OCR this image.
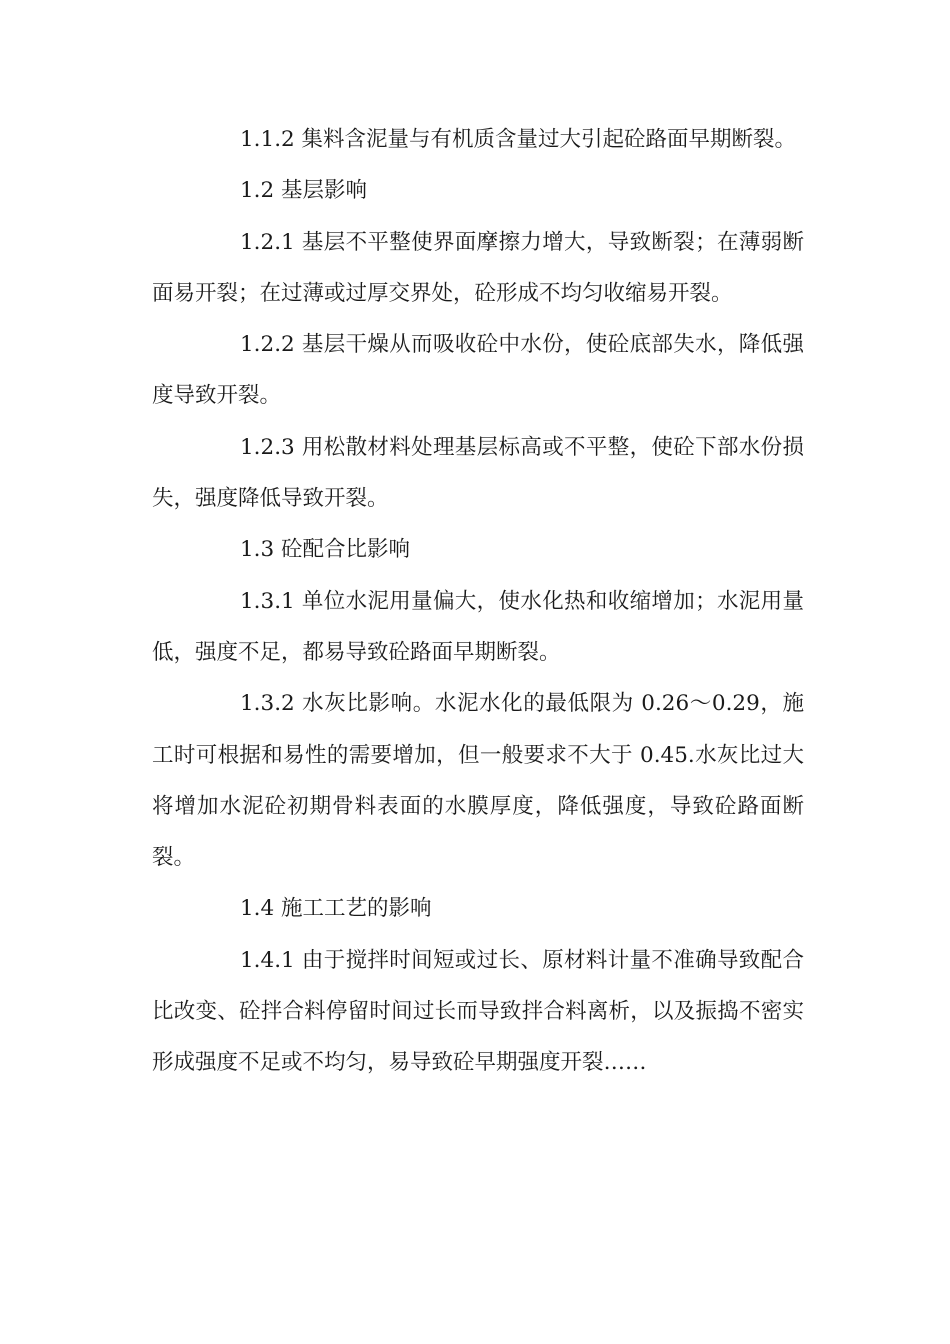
1.1.2 集料含泥量与有机质含量过大引起砼路面早期断裂。

1.2 基层影响

1.2.1 基层不平整使界面摩擦力增大，导致断裂；在薄弱断面易开裂；在过薄或过厚交界处，砼形成不均匀收缩易开裂。

1.2.2 基层干燥从而吸收砼中水份，使砼底部失水，降低强度导致开裂。

1.2.3 用松散材料处理基层标高或不平整，使砼下部水份损失，强度降低导致开裂。

1.3 砼配合比影响

1.3.1 单位水泥用量偏大，使水化热和收缩增加；水泥用量低，强度不足，都易导致砼路面早期断裂。

1.3.2 水灰比影响。水泥水化的最低限为 0.26～0.29，施工时可根据和易性的需要增加，但一般要求不大于 0.45.水灰比过大将增加水泥砼初期骨料表面的水膜厚度，降低强度，导致砼路面断裂。

1.4 施工工艺的影响

1.4.1 由于搅拌时间短或过长、原材料计量不准确导致配合比改变、砼拌合料停留时间过长而导致拌合料离析，以及振捣不密实形成强度不足或不均匀，易导致砼早期强度开裂……
